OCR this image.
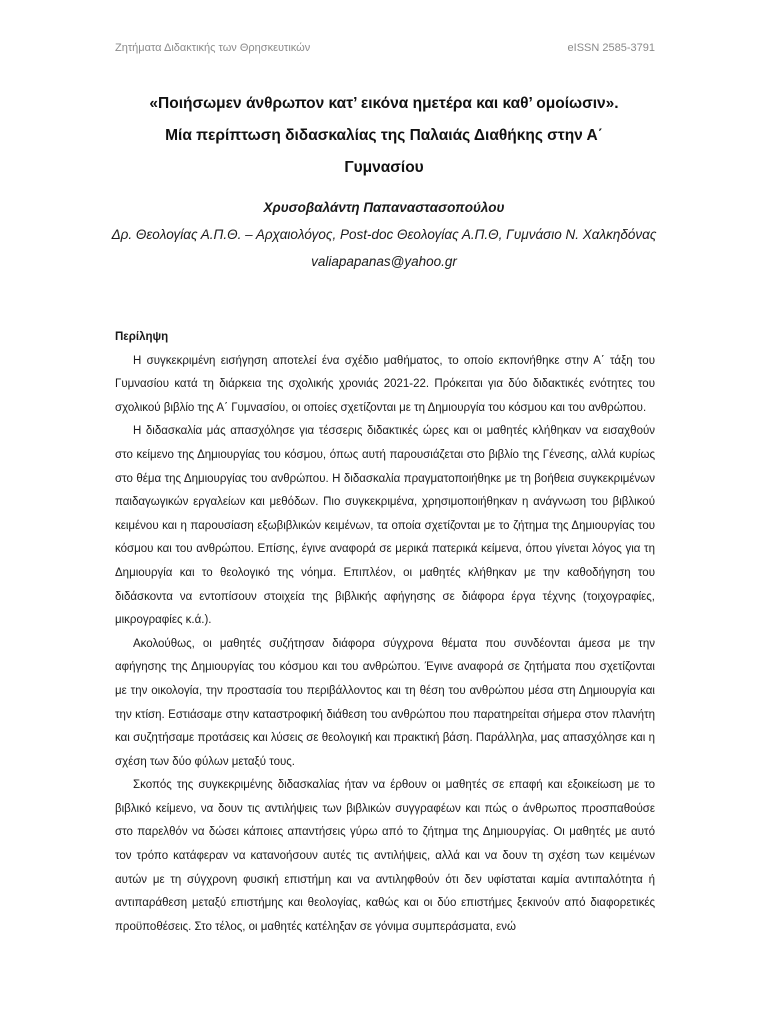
Ζητήματα Διδακτικής των Θρησκευτικών	eISSN 2585-3791
«Ποιήσωμεν άνθρωπον κατ’ εικόνα ημετέρα και καθ’ ομοίωσιν».
Μία περίπτωση διδασκαλίας της Παλαιάς Διαθήκης στην Α΄
Γυμνασίου
Χρυσοβαλάντη Παπαναστασοπούλου
Δρ. Θεολογίας Α.Π.Θ. – Αρχαιολόγος, Post-doc Θεολογίας Α.Π.Θ, Γυμνάσιο Ν. Χαλκηδόνας
valiapapanas@yahoo.gr

Περίληψη

Η συγκεκριμένη εισήγηση αποτελεί ένα σχέδιο μαθήματος, το οποίο εκπονήθηκε στην Α΄ τάξη του Γυμνασίου κατά τη διάρκεια της σχολικής χρονιάς 2021-22. Πρόκειται για δύο διδακτικές ενότητες του σχολικού βιβλίο της Α΄ Γυμνασίου, οι οποίες σχετίζονται με τη Δημιουργία του κόσμου και του ανθρώπου.

Η διδασκαλία μάς απασχόλησε για τέσσερις διδακτικές ώρες και οι μαθητές κλήθηκαν να εισαχθούν στο κείμενο της Δημιουργίας του κόσμου, όπως αυτή παρουσιάζεται στο βιβλίο της Γένεσης, αλλά κυρίως στο θέμα της Δημιουργίας του ανθρώπου. Η διδασκαλία πραγματοποιήθηκε με τη βοήθεια συγκεκριμένων παιδαγωγικών εργαλείων και μεθόδων. Πιο συγκεκριμένα, χρησιμοποιήθηκαν η ανάγνωση του βιβλικού κειμένου και η παρουσίαση εξωβιβλικών κειμένων, τα οποία σχετίζονται με το ζήτημα της Δημιουργίας του κόσμου και του ανθρώπου. Επίσης, έγινε αναφορά σε μερικά πατερικά κείμενα, όπου γίνεται λόγος για τη Δημιουργία και το θεολογικό της νόημα. Επιπλέον, οι μαθητές κλήθηκαν με την καθοδήγηση του διδάσκοντα να εντοπίσουν στοιχεία της βιβλικής αφήγησης σε διάφορα έργα τέχνης (τοιχογραφίες, μικρογραφίες κ.ά.).

Ακολούθως, οι μαθητές συζήτησαν διάφορα σύγχρονα θέματα που συνδέονται άμεσα με την αφήγησης της Δημιουργίας του κόσμου και του ανθρώπου. Έγινε αναφορά σε ζητήματα που σχετίζονται με την οικολογία, την προστασία του περιβάλλοντος και τη θέση του ανθρώπου μέσα στη Δημιουργία και την κτίση. Εστιάσαμε στην καταστροφική διάθεση του ανθρώπου που παρατηρείται σήμερα στον πλανήτη και συζητήσαμε προτάσεις και λύσεις σε θεολογική και πρακτική βάση. Παράλληλα, μας απασχόλησε και η σχέση των δύο φύλων μεταξύ τους.

Σκοπός της συγκεκριμένης διδασκαλίας ήταν να έρθουν οι μαθητές σε επαφή και εξοικείωση με το βιβλικό κείμενο, να δουν τις αντιλήψεις των βιβλικών συγγραφέων και πώς ο άνθρωπος προσπαθούσε στο παρελθόν να δώσει κάποιες απαντήσεις γύρω από το ζήτημα της Δημιουργίας. Οι μαθητές με αυτό τον τρόπο κατάφεραν να κατανοήσουν αυτές τις αντιλήψεις, αλλά και να δουν τη σχέση των κειμένων αυτών με τη σύγχρονη φυσική επιστήμη και να αντιληφθούν ότι δεν υφίσταται καμία αντιπαλότητα ή αντιπαράθεση μεταξύ επιστήμης και θεολογίας, καθώς και οι δύο επιστήμες ξεκινούν από διαφορετικές προϋποθέσεις. Στο τέλος, οι μαθητές κατέληξαν σε γόνιμα συμπεράσματα, ενώ
